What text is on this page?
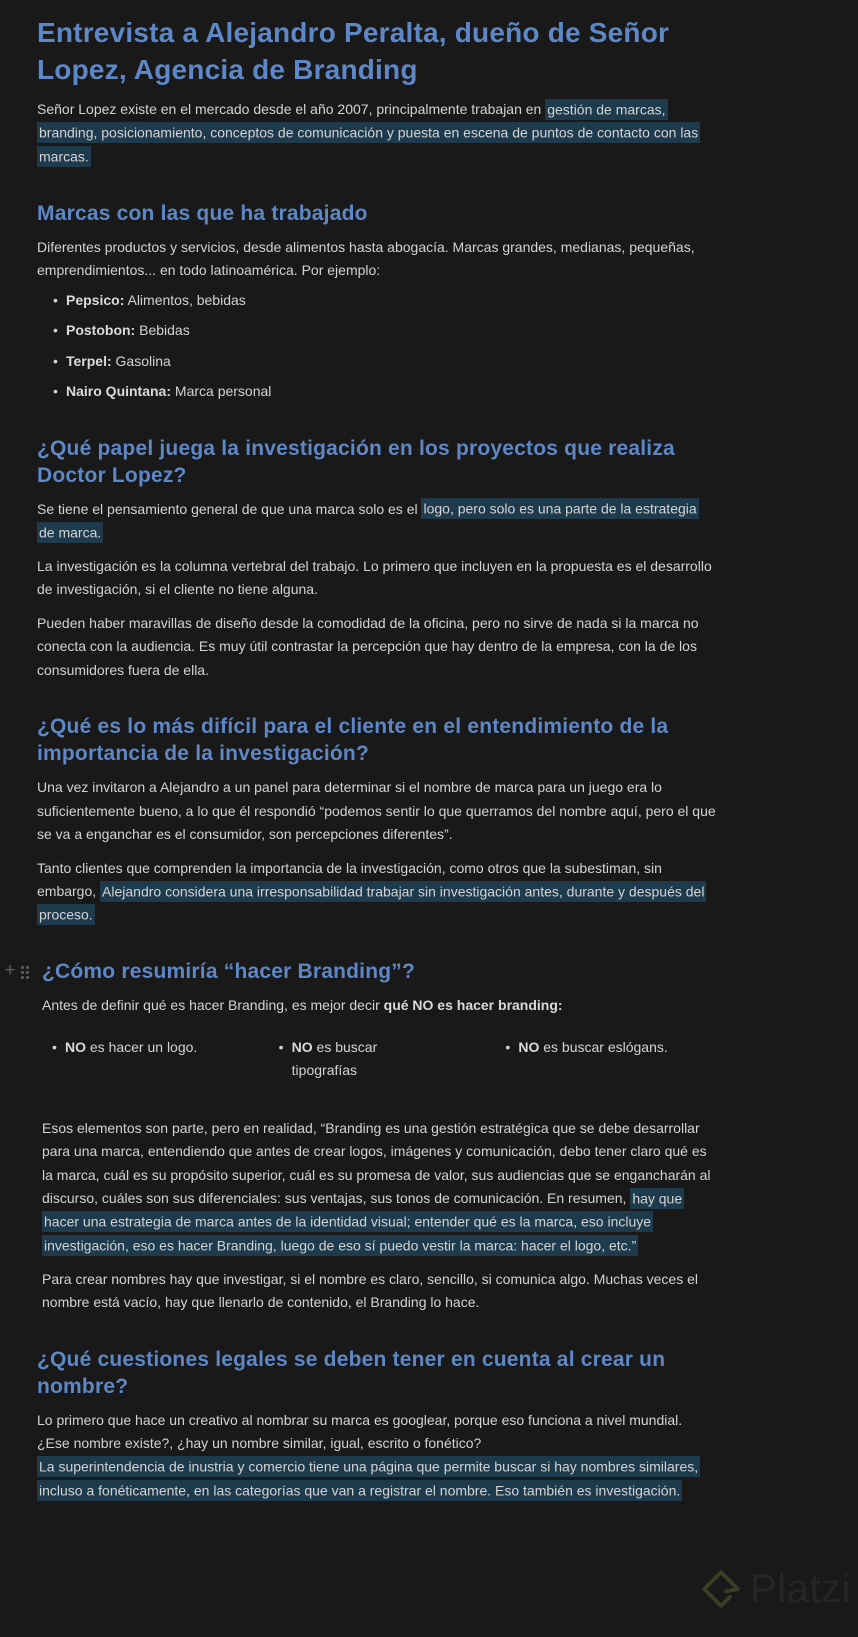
Entrevista a Alejandro Peralta, dueño de Señor Lopez, Agencia de Branding

Señor Lopez existe en el mercado desde el año 2007, principalmente trabajan en gestión de marcas, branding, posicionamiento, conceptos de comunicación y puesta en escena de puntos de contacto con las marcas.

Marcas con las que ha trabajado

Diferentes productos y servicios, desde alimentos hasta abogacía. Marcas grandes, medianas, pequeñas, emprendimientos... en todo latinoamérica. Por ejemplo:

• Pepsico: Alimentos, bebidas
• Postobon: Bebidas
• Terpel: Gasolina
• Nairo Quintana: Marca personal
¿Qué papel juega la investigación en los proyectos que realiza Doctor Lopez?

Se tiene el pensamiento general de que una marca solo es el logo, pero solo es una parte de la estrategia de marca.

La investigación es la columna vertebral del trabajo. Lo primero que incluyen en la propuesta es el desarrollo de investigación, si el cliente no tiene alguna.

Pueden haber maravillas de diseño desde la comodidad de la oficina, pero no sirve de nada si la marca no conecta con la audiencia. Es muy útil contrastar la percepción que hay dentro de la empresa, con la de los consumidores fuera de ella.

¿Qué es lo más difícil para el cliente en el entendimiento de la importancia de la investigación?

Una vez invitaron a Alejandro a un panel para determinar si el nombre de marca para un juego era lo suficientemente bueno, a lo que él respondió “podemos sentir lo que querramos del nombre aquí, pero el que se va a enganchar es el consumidor, son percepciones diferentes”.

Tanto clientes que comprenden la importancia de la investigación, como otros que la subestiman, sin embargo, Alejandro considera una irresponsabilidad trabajar sin investigación antes, durante y después del proceso.

+ ¿Cómo resumiría “hacer Branding”?

Antes de definir qué es hacer Branding, es mejor decir qué NO es hacer branding:

• NO es hacer un logo.	• NO es buscar
tipografías
• NO es buscar eslógans.

Esos elementos son parte, pero en realidad, “Branding es una gestión estratégica que se debe desarrollar para una marca, entendiendo que antes de crear logos, imágenes y comunicación, debo tener claro qué es la marca, cuál es su propósito superior, cuál es su promesa de valor, sus audiencias que se engancharán al discurso, cuáles son sus diferenciales: sus ventajas, sus tonos de comunicación. En resumen, hay que hacer una estrategia de marca antes de la identidad visual; entender qué es la marca, eso incluye investigación, eso es hacer Branding, luego de eso sí puedo vestir la marca: hacer el logo, etc.”

Para crear nombres hay que investigar, si el nombre es claro, sencillo, si comunica algo. Muchas veces el nombre está vacío, hay que llenarlo de contenido, el Branding lo hace.

¿Qué cuestiones legales se deben tener en cuenta al crear un nombre?

Lo primero que hace un creativo al nombrar su marca es googlear, porque eso funciona a nivel mundial. ¿Ese nombre existe?, ¿hay un nombre similar, igual, escrito o fonético?
La superintendencia de inustria y comercio tiene una página que permite buscar si hay nombres similares, incluso a fonéticamente, en las categorías que van a registrar el nombre. Eso también es investigación.

Platzi
